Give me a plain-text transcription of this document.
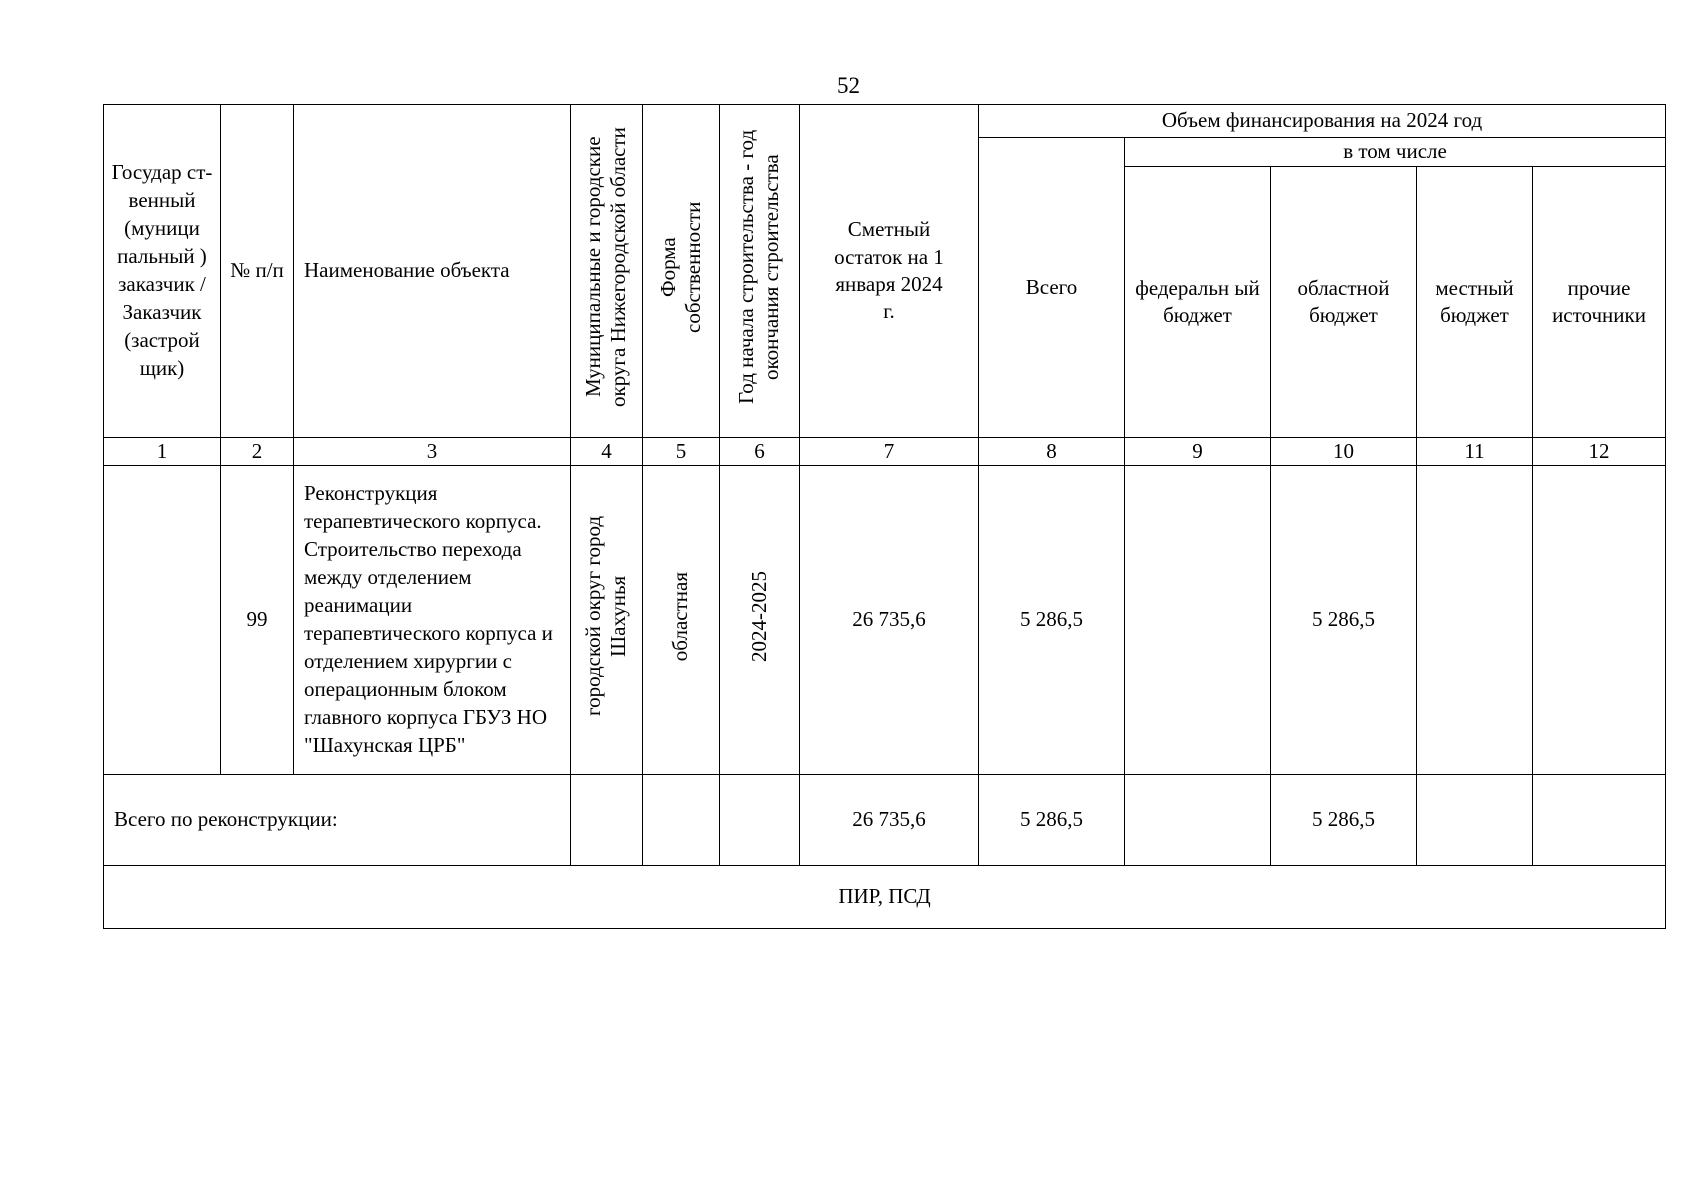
52
Государ ст- венный (муници пальный ) заказчик / Заказчик (застрой щик)	№ п/п	Наименование объекта	Муниципальные и городские округа Нижегородской области	Форма собственности	Год начала строительства - год окончания строительства	Сметный остаток на 1 января 2024 г.	Объем финансирования на 2024 год				
							Всего	в том числе			
								федеральн ый бюджет	областной бюджет	местный бюджет	прочие источники
1	2	3	4	5	6	7	8	9	10	11	12
	99	Реконструкция терапевтического корпуса. Строительство перехода между отделением реанимации терапевтического корпуса и отделением хирургии с операционным блоком главного корпуса ГБУЗ НО "Шахунская ЦРБ"	городской округ город Шахунья	областная	2024-2025	26 735,6	5 286,5		5 286,5		
Всего по реконструкции:						26 735,6	5 286,5		5 286,5		
ПИР, ПСД											
